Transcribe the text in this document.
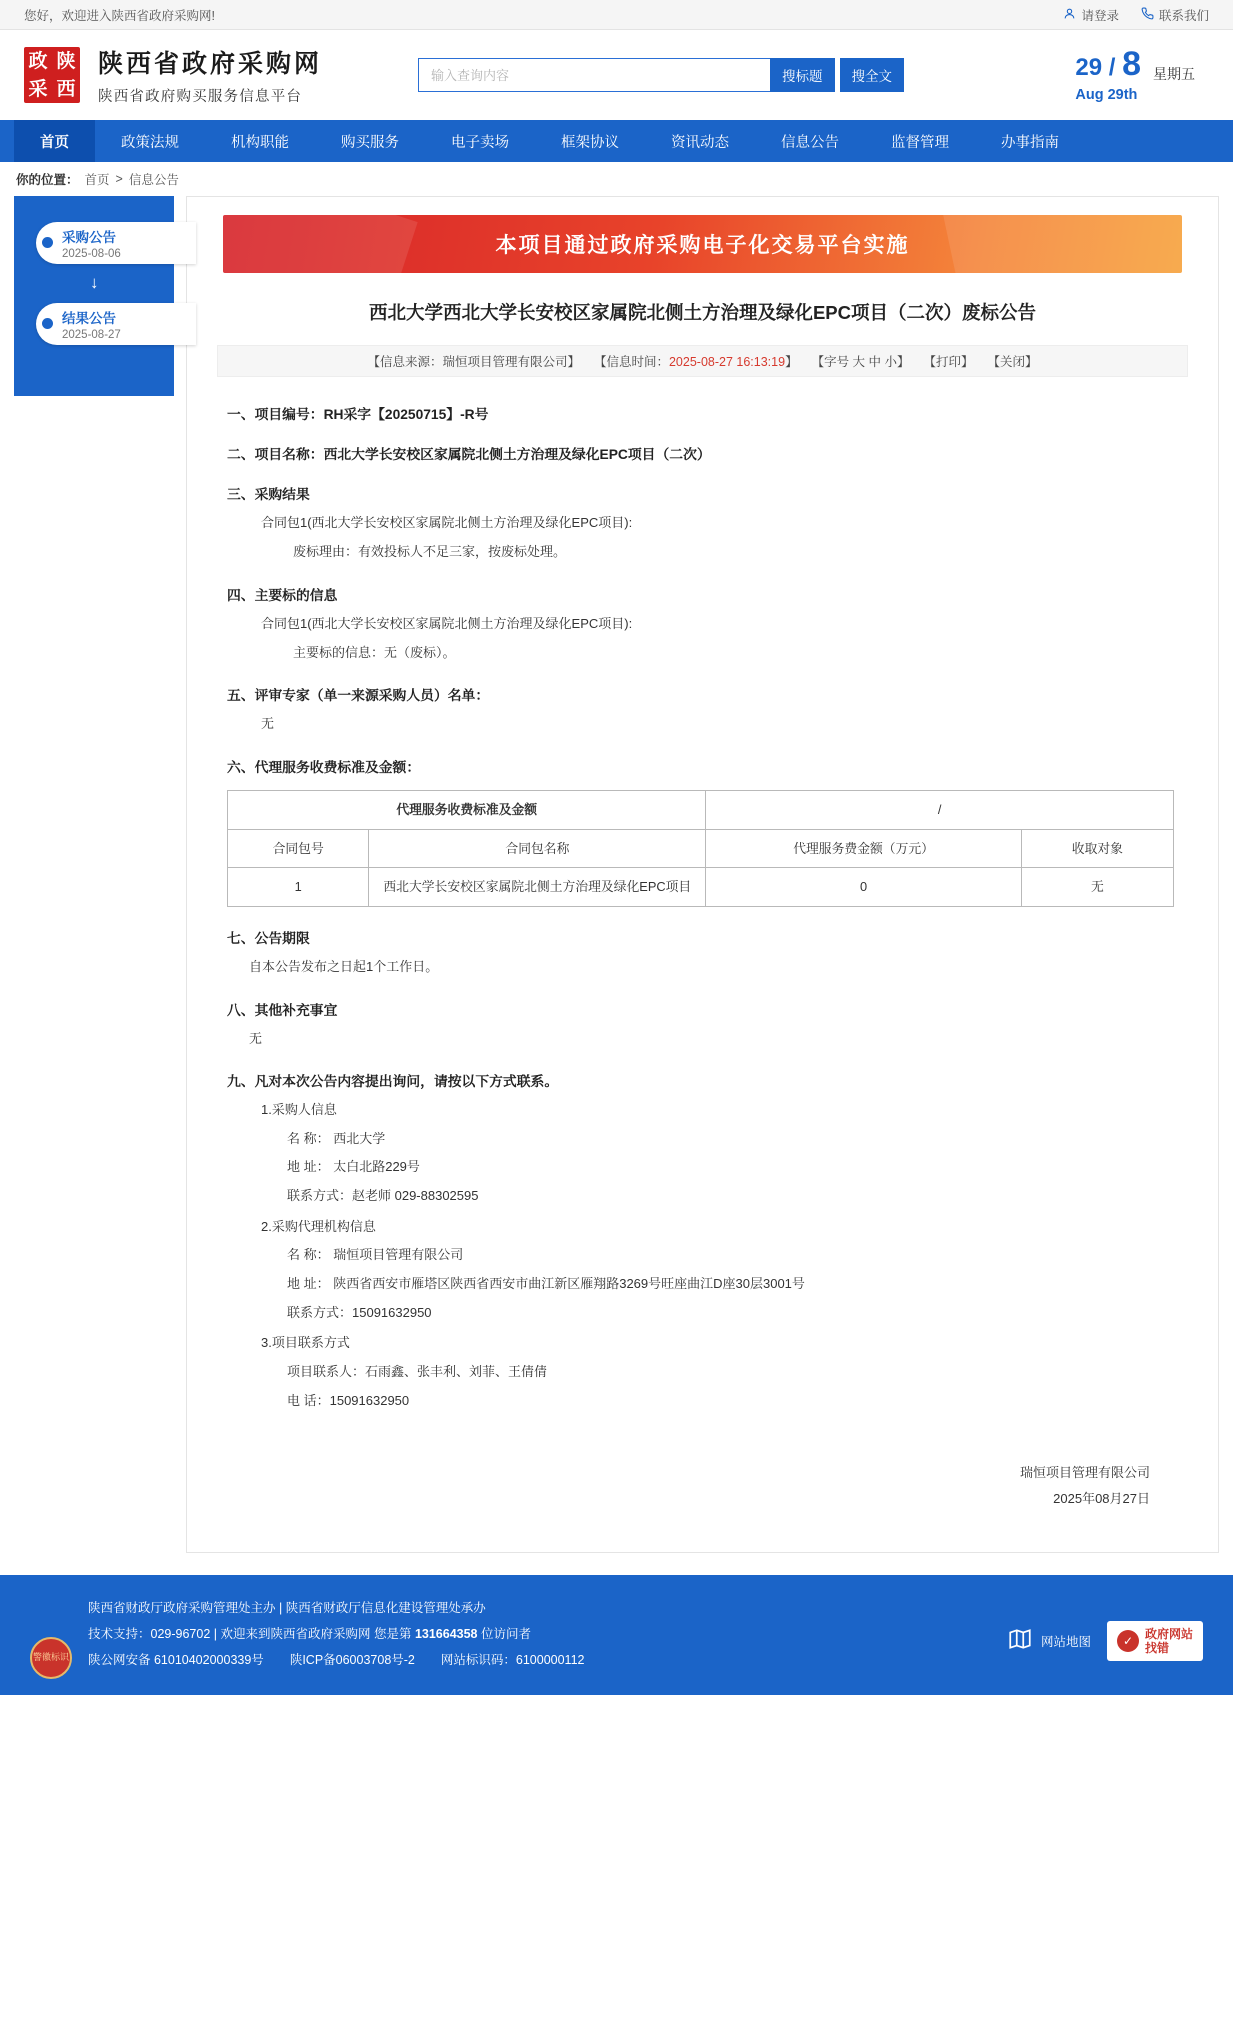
您好，欢迎进入陕西省政府采购网!	请登录	联系我们
政 陕
采 西
陕西省政府采购网
陕西省政府购买服务信息平台
输入查询内容
搜标题	搜全文	29 / 8
Aug 29th
星期五
首页	政策法规	机构职能	购买服务	电子卖场	框架协议	资讯动态	信息公告	监督管理	办事指南
你的位置： 首页 > 信息公告
采购公告
2025-08-06
↓
结果公告
2025-08-27
本项目通过政府采购电子化交易平台实施
西北大学西北大学长安校区家属院北侧土方治理及绿化EPC项目（二次）废标公告
【信息来源：瑞恒项目管理有限公司】 【信息时间：2025-08-27 16:13:19】 【字号 大 中 小】 【打印】 【关闭】
一、项目编号：RH采字【20250715】-R号
二、项目名称：西北大学长安校区家属院北侧土方治理及绿化EPC项目（二次）
三、采购结果
合同包1(西北大学长安校区家属院北侧土方治理及绿化EPC项目):
废标理由：有效投标人不足三家，按废标处理。
四、主要标的信息
合同包1(西北大学长安校区家属院北侧土方治理及绿化EPC项目):
主要标的信息：无（废标）。
五、评审专家（单一来源采购人员）名单：
无
六、代理服务收费标准及金额：
代理服务收费标准及金额		/	
合同包号	合同包名称	代理服务费金额（万元）	收取对象
1	西北大学长安校区家属院北侧土方治理及绿化EPC项目	0	无
七、公告期限
自本公告发布之日起1个工作日。
八、其他补充事宜
无
九、凡对本次公告内容提出询问，请按以下方式联系。
1.采购人信息
名 称： 西北大学
地 址： 太白北路229号
联系方式：赵老师 029-88302595
2.采购代理机构信息
名 称： 瑞恒项目管理有限公司
地 址： 陕西省西安市雁塔区陕西省西安市曲江新区雁翔路3269号旺座曲江D座30层3001号
联系方式：15091632950
3.项目联系方式
项目联系人：石雨鑫、张丰利、刘菲、王倩倩
电 话：15091632950
瑞恒项目管理有限公司
2025年08月27日
警徽标识
陕西省财政厅政府采购管理处主办 | 陕西省财政厅信息化建设管理处承办
技术支持：029-96702 | 欢迎来到陕西省政府采购网 您是第 131664358 位访问者
陕公网安备 61010402000339号 陕ICP备06003708号-2 网站标识码：6100000112
网站地图	✓
政府网站
找错
